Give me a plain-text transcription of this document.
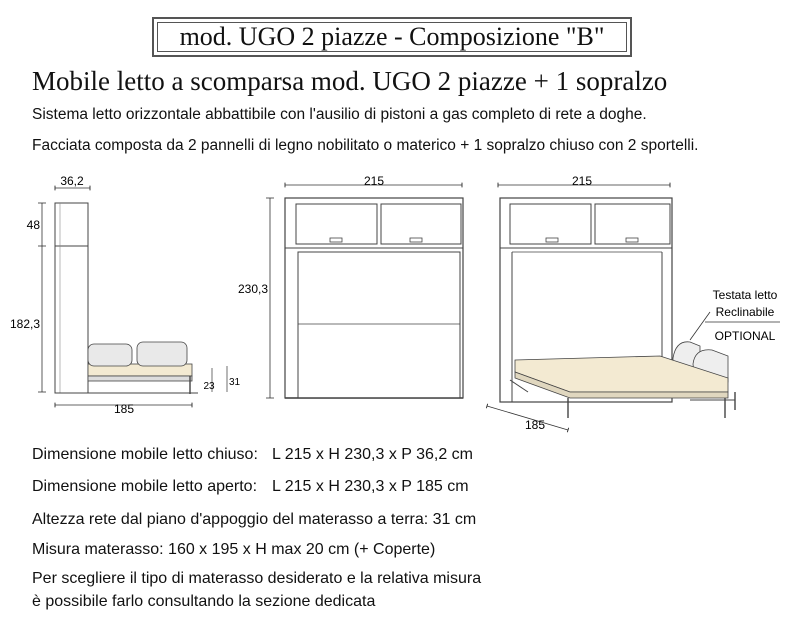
mod. UGO 2 piazze - Composizione "B"
Mobile letto a scomparsa mod. UGO 2 piazze + 1 sopralzo
Sistema letto orizzontale abbattibile con l'ausilio di pistoni a gas completo di rete a doghe.
Facciata composta da 2 pannelli di legno nobilitato o materico + 1 sopralzo chiuso con 2 sportelli.
36,2
48
182,3
185
23 31
215
230,3
215
185
Testata letto
Reclinabile
OPTIONAL
Dimensione mobile letto chiuso: L 215 x H 230,3 x P 36,2 cm
Dimensione mobile letto aperto: L 215 x H 230,3 x P 185 cm
Altezza rete dal piano d'appoggio del materasso a terra: 31 cm
Misura materasso: 160 x 195 x H max 20 cm (+ Coperte)
Per scegliere il tipo di materasso desiderato e la relativa misura
è possibile farlo consultando la sezione dedicata
